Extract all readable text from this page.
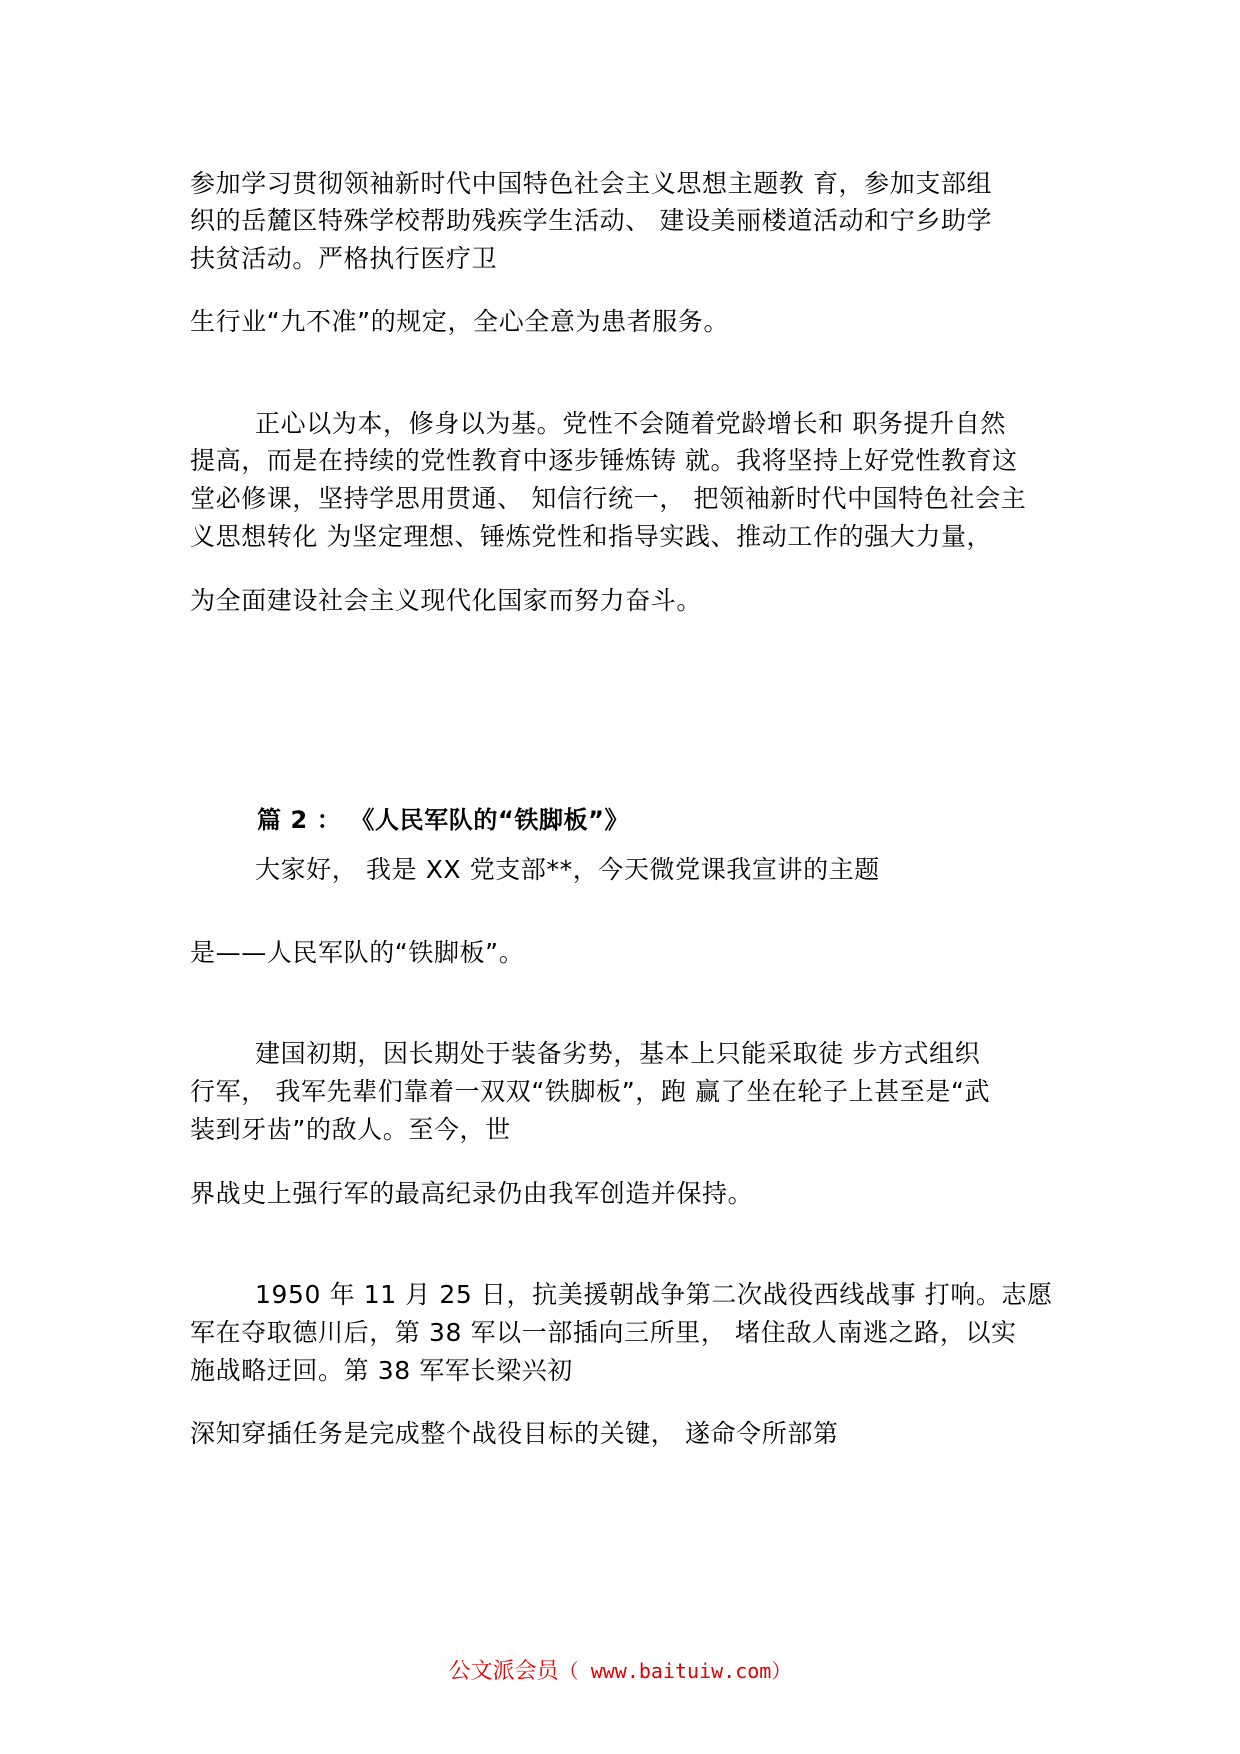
参加学习贯彻领袖新时代中国特色社会主义思想主题教 育，参加支部组
织的岳麓区特殊学校帮助残疾学生活动、 建设美丽楼道活动和宁乡助学
扶贫活动。严格执行医疗卫
生行业“九不准”的规定，全心全意为患者服务。
正心以为本，修身以为基。党性不会随着党龄增长和 职务提升自然
提高，而是在持续的党性教育中逐步锤炼铸 就。我将坚持上好党性教育这
堂必修课，坚持学思用贯通、 知信行统一， 把领袖新时代中国特色社会主
义思想转化 为坚定理想、锤炼党性和指导实践、推动工作的强大力量，
为全面建设社会主义现代化国家而努力奋斗。
篇 2 ： 《人民军队的“铁脚板”》
大家好， 我是 XX 党支部**，今天微党课我宣讲的主题
是——人民军队的“铁脚板”。
建国初期，因长期处于装备劣势，基本上只能采取徒 步方式组织
行军， 我军先辈们靠着一双双“铁脚板”，跑 赢了坐在轮子上甚至是“武
装到牙齿”的敌人。至今，世
界战史上强行军的最高纪录仍由我军创造并保持。
1950 年 11 月 25 日，抗美援朝战争第二次战役西线战事 打响。志愿
军在夺取德川后，第 38 军以一部插向三所里， 堵住敌人南逃之路，以实
施战略迂回。第 38 军军长梁兴初
深知穿插任务是完成整个战役目标的关键， 遂命令所部第
公文派会员（ www.baituiw.com）
